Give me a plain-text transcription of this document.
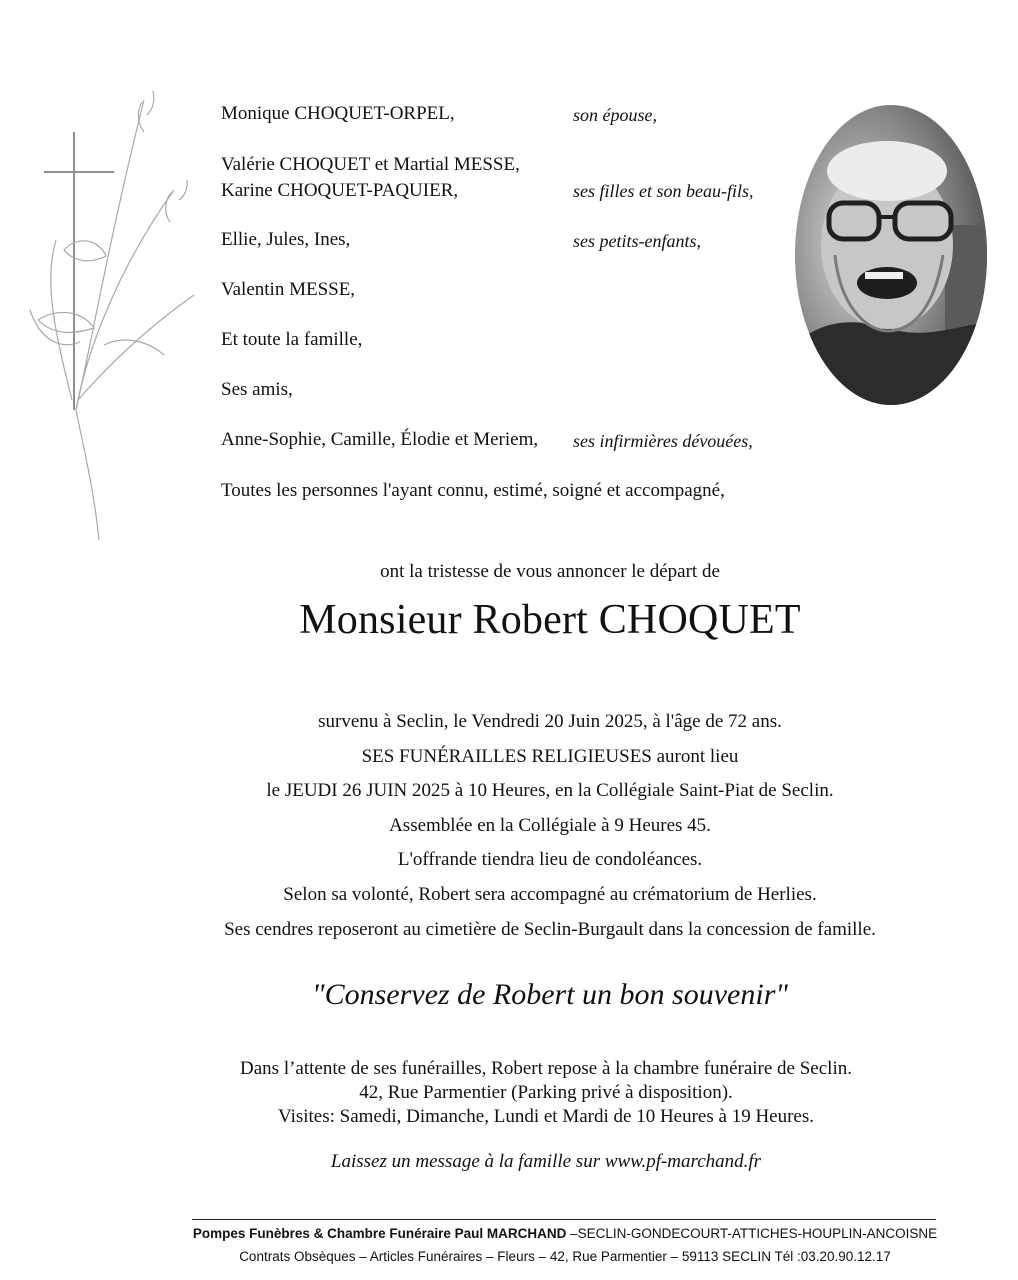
Monique CHOQUET-ORPEL,	son épouse,
Valérie CHOQUET et Martial MESSE,
Karine CHOQUET-PAQUIER,	ses filles et son beau-fils,
Ellie, Jules, Ines,	ses petits-enfants,
Valentin MESSE,
Et toute la famille,
Ses amis,
Anne-Sophie, Camille, Élodie et Meriem, ses infirmières dévouées,
Toutes les personnes l'ayant connu, estimé, soigné et accompagné,
ont la tristesse de vous annoncer le départ de
Monsieur Robert CHOQUET
survenu à Seclin, le Vendredi 20 Juin 2025, à l'âge de 72 ans.
SES FUNÉRAILLES RELIGIEUSES auront lieu
le JEUDI 26 JUIN 2025 à 10 Heures, en la Collégiale Saint-Piat de Seclin.
Assemblée en la Collégiale à 9 Heures 45.
L'offrande tiendra lieu de condoléances.
Selon sa volonté, Robert sera accompagné au crématorium de Herlies.
Ses cendres reposeront au cimetière de Seclin-Burgault dans la concession de famille.
"Conservez de Robert un bon souvenir"
Dans l’attente de ses funérailles, Robert repose à la chambre funéraire de Seclin.
42, Rue Parmentier (Parking privé à disposition).
Visites: Samedi, Dimanche, Lundi et Mardi de 10 Heures à 19 Heures.
Laissez un message à la famille sur www.pf-marchand.fr
Pompes Funèbres & Chambre Funéraire Paul MARCHAND –SECLIN-GONDECOURT-ATTICHES-HOUPLIN-ANCOISNE
Contrats Obsèques – Articles Funéraires – Fleurs – 42, Rue Parmentier – 59113 SECLIN Tél :03.20.90.12.17
